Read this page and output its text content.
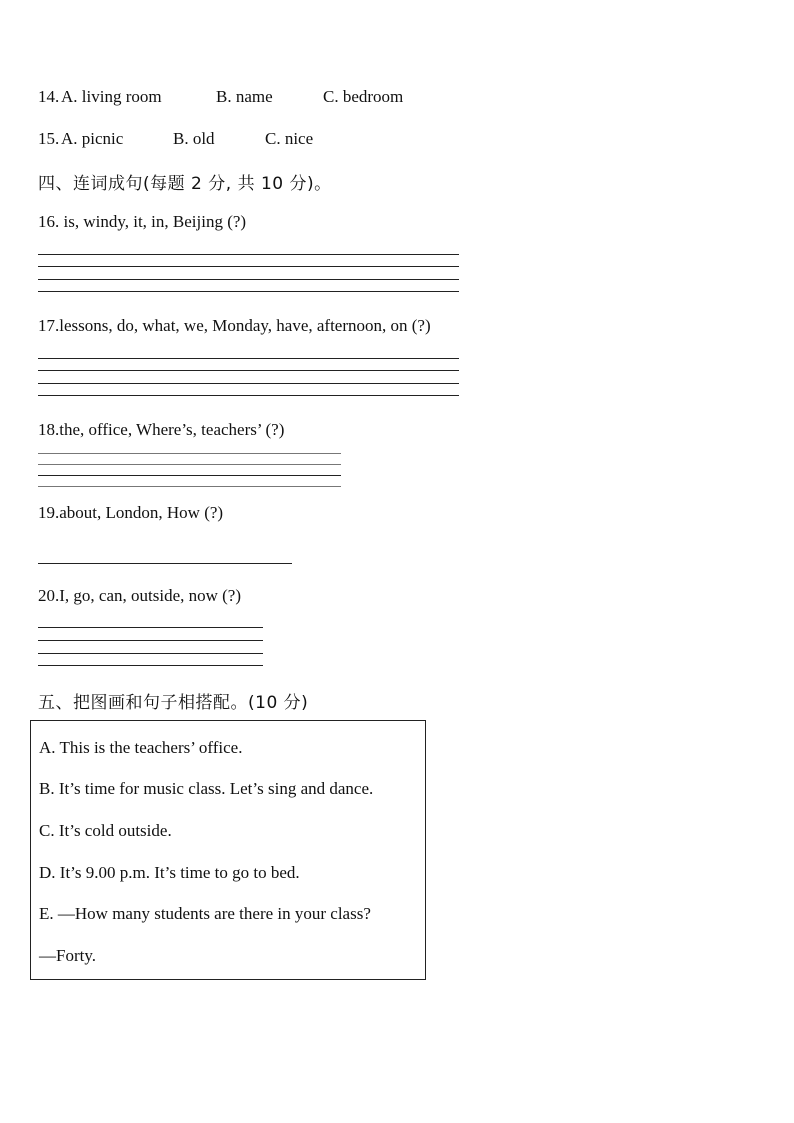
14. A. living room	B. name	C. bedroom
15. A. picnic	B. old	C. nice
四、连词成句(每题 2 分, 共 10 分)。
16. is, windy, it, in, Beijing (?)
17.lessons, do, what, we, Monday, have, afternoon, on (?)
18.the, office, Where’s, teachers’ (?)
19.about, London, How (?)
20.I, go, can, outside, now (?)
五、把图画和句子相搭配。(10 分)
A. This is the teachers’ office.
B. It’s time for music class. Let’s sing and dance.
C. It’s cold outside.
D. It’s 9.00 p.m. It’s time to go to bed.
E. —How many students are there in your class?
—Forty.
